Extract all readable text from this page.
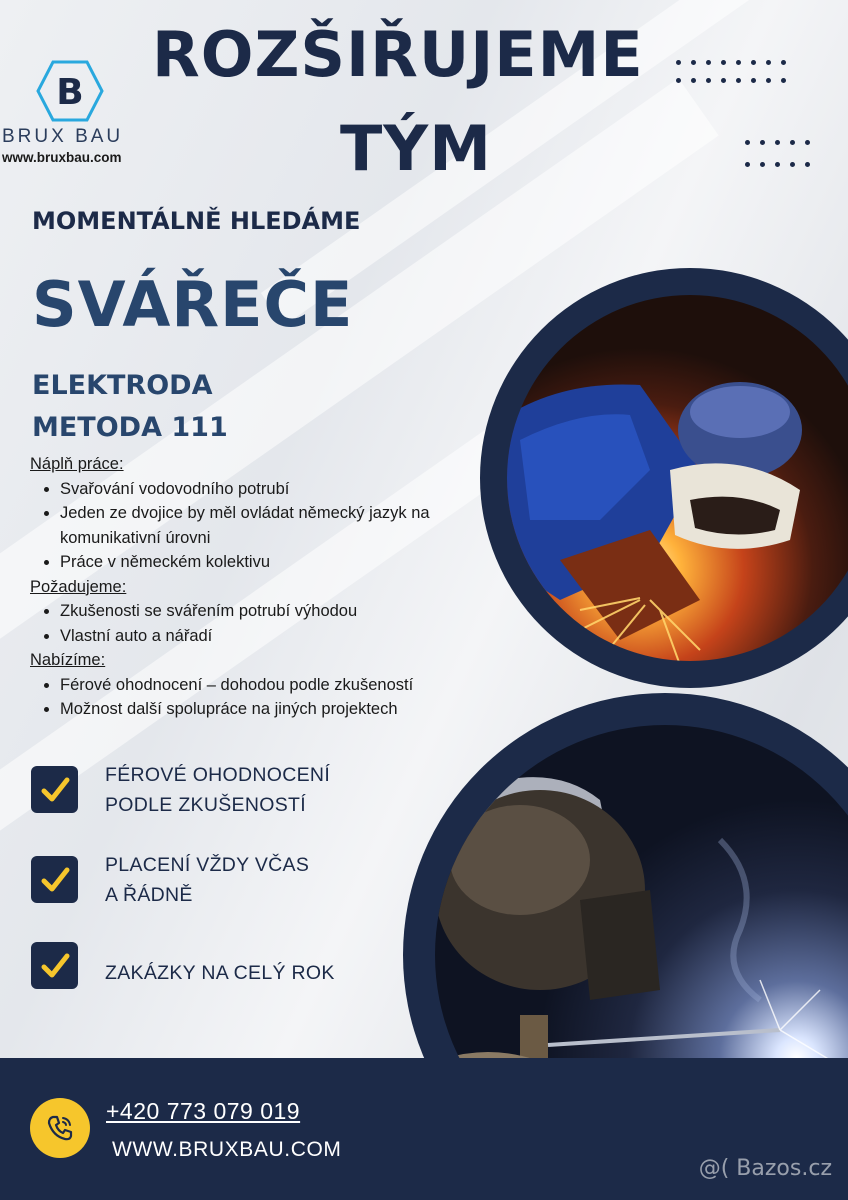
B
BRUX BAU
www.bruxbau.com
ROZŠIŘUJEME
TÝM
MOMENTÁLNĚ HLEDÁME
SVÁŘEČE
ELEKTRODA
METODA 111
Náplň práce:
• Svařování vodovodního potrubí
• Jeden ze dvojice by měl ovládat německý jazyk na komunikativní úrovni
• Práce v německém kolektivu
Požadujeme:
• Zkušenosti se svářením potrubí výhodou
• Vlastní auto a nářadí
Nabízíme:
• Férové ohodnocení – dohodou podle zkušeností
• Možnost další spolupráce na jiných projektech
FÉROVÉ OHODNOCENÍ
PODLE ZKUŠENOSTÍ
PLACENÍ VŽDY VČAS
A ŘÁDNĚ
ZAKÁZKY NA CELÝ ROK
+420 773 079 019
WWW.BRUXBAU.COM
@( Bazos.cz
